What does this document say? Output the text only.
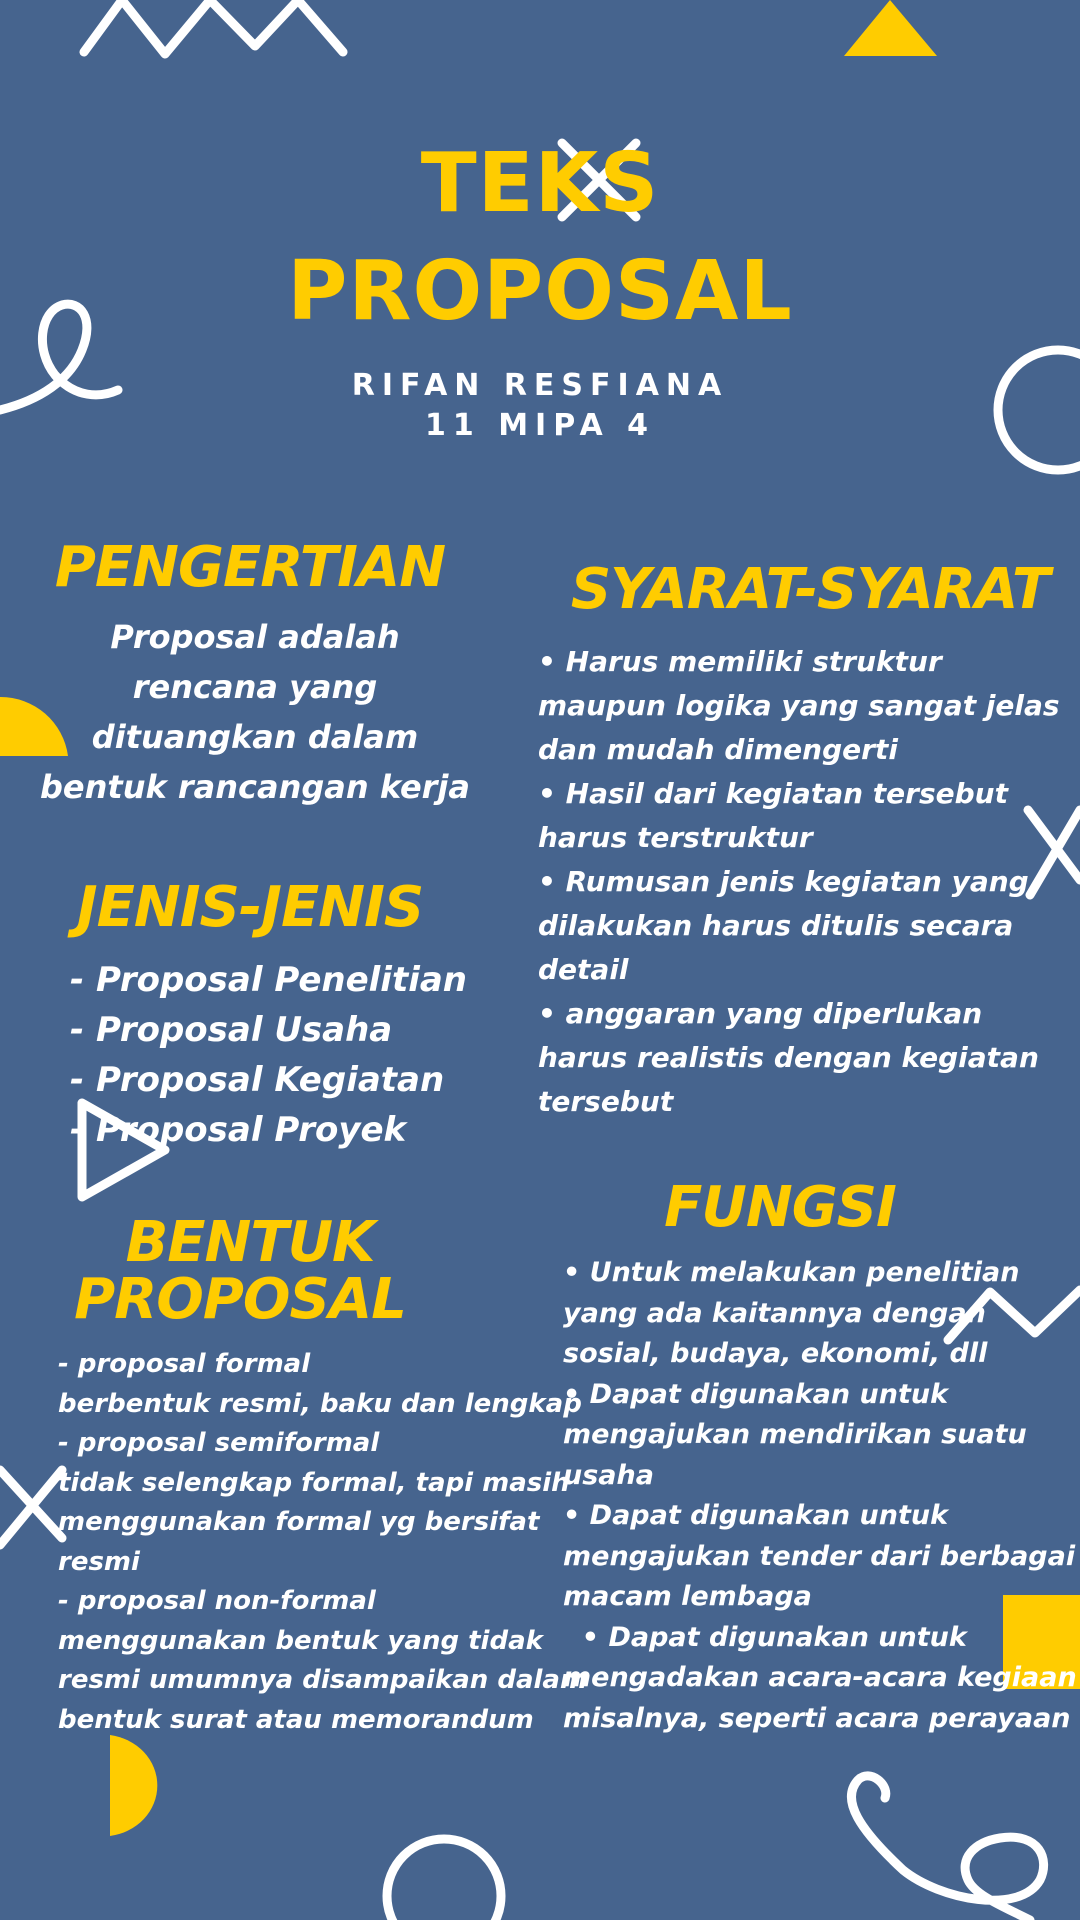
TEKS
PROPOSAL
RIFAN RESFIANA
11 MIPA 4
PENGERTIAN
Proposal adalah
rencana yang
dituangkan dalam
bentuk rancangan kerja
JENIS-JENIS
- Proposal Penelitian
- Proposal Usaha
- Proposal Kegiatan
- Proposal Proyek
SYARAT-SYARAT
• Harus memiliki struktur
maupun logika yang sangat jelas
dan mudah dimengerti
• Hasil dari kegiatan tersebut
harus terstruktur
• Rumusan jenis kegiatan yang
dilakukan harus ditulis secara
detail
• anggaran yang diperlukan
harus realistis dengan kegiatan
tersebut
BENTUK
PROPOSAL
- proposal formal
berbentuk resmi, baku dan lengkap
- proposal semiformal
tidak selengkap formal, tapi masih
menggunakan formal yg bersifat
resmi
- proposal non-formal
menggunakan bentuk yang tidak
resmi umumnya disampaikan dalam
bentuk surat atau memorandum
FUNGSI
• Untuk melakukan penelitian
yang ada kaitannya dengan
sosial, budaya, ekonomi, dll
• Dapat digunakan untuk
mengajukan mendirikan suatu
usaha
• Dapat digunakan untuk
mengajukan tender dari berbagai
macam lembaga
• Dapat digunakan untuk
mengadakan acara-acara kegiaan
misalnya, seperti acara perayaan
